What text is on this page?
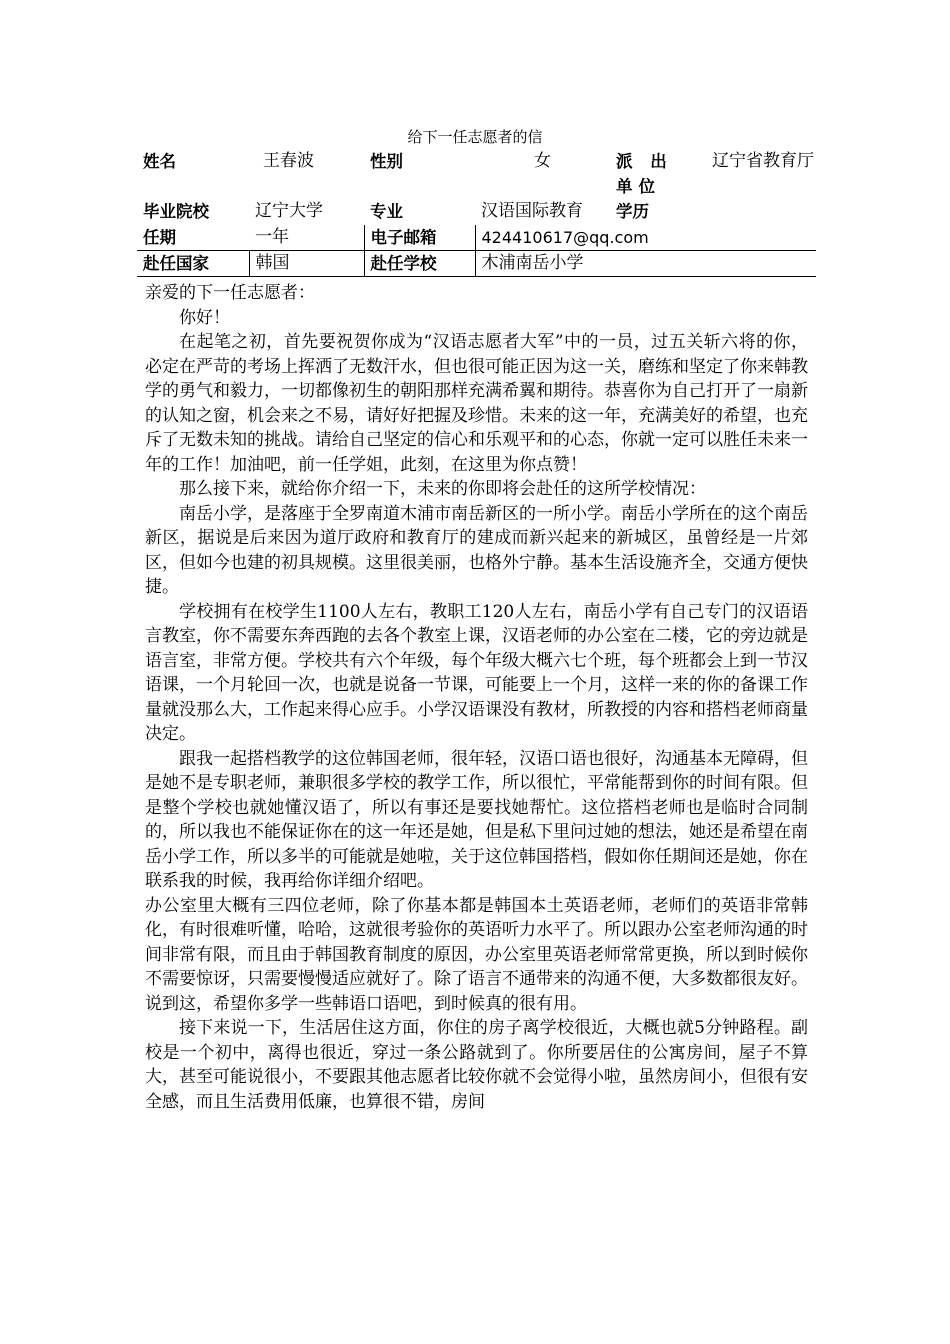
给下一任志愿者的信
姓名	王春波	性别	女	派 出 单位	辽宁省教育厅
毕业院校	辽宁大学	专业	汉语国际教育	学历	
任期	一年	电子邮箱	424410617@qq.com		
赴任国家	韩国	赴任学校	木浦南岳小学		

亲爱的下一任志愿者：

你好！

在起笔之初，首先要祝贺你成为“汉语志愿者大军”中的一员，过五关斩六将的你，必定在严苛的考场上挥洒了无数汗水，但也很可能正因为这一关，磨练和坚定了你来韩教学的勇气和毅力，一切都像初生的朝阳那样充满希翼和期待。恭喜你为自己打开了一扇新的认知之窗，机会来之不易，请好好把握及珍惜。未来的这一年，充满美好的希望，也充斥了无数未知的挑战。请给自己坚定的信心和乐观平和的心态，你就一定可以胜任未来一年的工作！加油吧，前一任学姐，此刻，在这里为你点赞！

那么接下来，就给你介绍一下，未来的你即将会赴任的这所学校情况：

南岳小学，是落座于全罗南道木浦市南岳新区的一所小学。南岳小学所在的这个南岳新区，据说是后来因为道厅政府和教育厅的建成而新兴起来的新城区，虽曾经是一片郊区，但如今也建的初具规模。这里很美丽，也格外宁静。基本生活设施齐全，交通方便快捷。

学校拥有在校学生1100人左右，教职工120人左右，南岳小学有自己专门的汉语语言教室，你不需要东奔西跑的去各个教室上课，汉语老师的办公室在二楼，它的旁边就是语言室，非常方便。学校共有六个年级，每个年级大概六七个班，每个班都会上到一节汉语课，一个月轮回一次，也就是说备一节课，可能要上一个月，这样一来的你的备课工作量就没那么大，工作起来得心应手。小学汉语课没有教材，所教授的内容和搭档老师商量决定。

跟我一起搭档教学的这位韩国老师，很年轻，汉语口语也很好，沟通基本无障碍，但是她不是专职老师，兼职很多学校的教学工作，所以很忙，平常能帮到你的时间有限。但是整个学校也就她懂汉语了，所以有事还是要找她帮忙。这位搭档老师也是临时合同制的，所以我也不能保证你在的这一年还是她，但是私下里问过她的想法，她还是希望在南岳小学工作，所以多半的可能就是她啦，关于这位韩国搭档，假如你任期间还是她，你在联系我的时候，我再给你详细介绍吧。

办公室里大概有三四位老师，除了你基本都是韩国本土英语老师，老师们的英语非常韩化，有时很难听懂，哈哈，这就很考验你的英语听力水平了。所以跟办公室老师沟通的时间非常有限，而且由于韩国教育制度的原因，办公室里英语老师常常更换，所以到时候你不需要惊讶，只需要慢慢适应就好了。除了语言不通带来的沟通不便，大多数都很友好。说到这，希望你多学一些韩语口语吧，到时候真的很有用。

接下来说一下，生活居住这方面，你住的房子离学校很近，大概也就5分钟路程。副校是一个初中，离得也很近，穿过一条公路就到了。你所要居住的公寓房间，屋子不算大，甚至可能说很小，不要跟其他志愿者比较你就不会觉得小啦，虽然房间小，但很有安全感，而且生活费用低廉，也算很不错，房间
